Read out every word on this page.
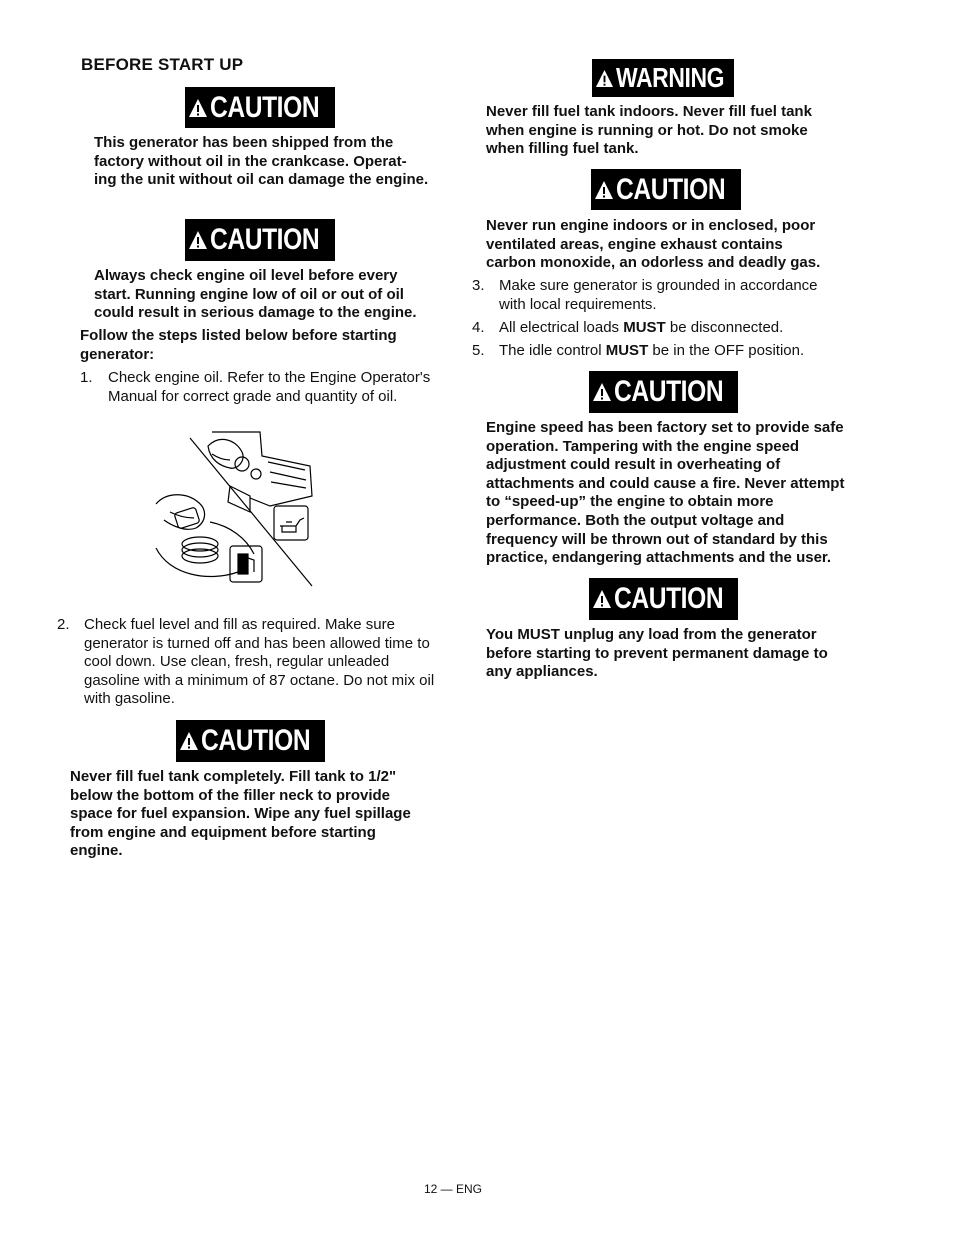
BEFORE START UP
CAUTION
This generator has been shipped from the factory without oil in the crankcase. Operat- ing the unit without oil can damage the engine.
CAUTION
Always check engine oil level before every start. Running engine low of oil or out of oil could result in serious damage to the engine.
Follow the steps listed below before starting generator:
1. Check engine oil. Refer to the Engine Operator's Manual for correct grade and quantity of oil.
2. Check fuel level and fill as required. Make sure generator is turned off and has been allowed time to cool down. Use clean, fresh, regular unleaded gasoline with a minimum of 87 octane. Do not mix oil with gasoline.
CAUTION
Never fill fuel tank completely. Fill tank to 1/2" below the bottom of the filler neck to provide space for fuel expansion. Wipe any fuel spillage from engine and equipment before starting engine.
WARNING
Never fill fuel tank indoors. Never fill fuel tank when engine is running or hot. Do not smoke when filling fuel tank.
CAUTION
Never run engine indoors or in enclosed, poor ventilated areas, engine exhaust contains carbon monoxide, an odorless and deadly gas.
3. Make sure generator is grounded in accordance with local requirements.
4. All electrical loads MUST be disconnected.
5. The idle control MUST be in the OFF position.
CAUTION
Engine speed has been factory set to provide safe operation. Tampering with the engine speed adjustment could result in overheating of attachments and could cause a fire. Never attempt to “speed-up” the engine to obtain more performance. Both the output voltage and frequency will be thrown out of standard by this practice, endangering attachments and the user.
CAUTION
You MUST unplug any load from the generator before starting to prevent permanent damage to any appliances.
12 — ENG
